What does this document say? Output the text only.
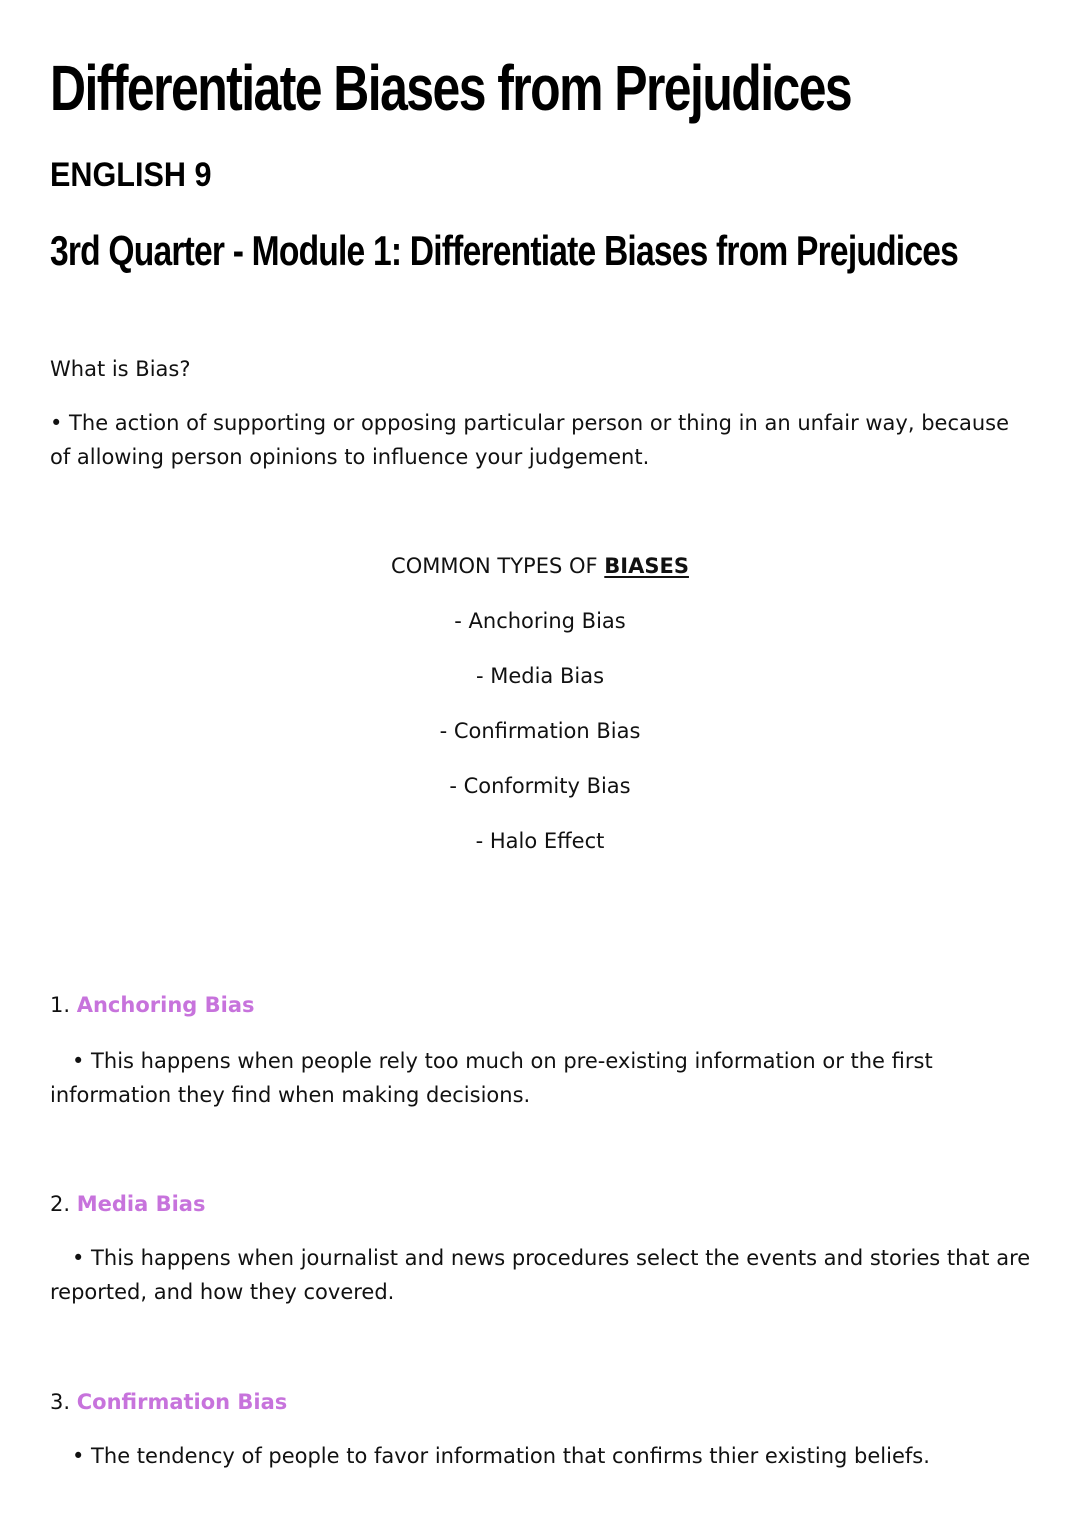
Differentiate Biases from Prejudices
ENGLISH 9
3rd Quarter - Module 1: Differentiate Biases from Prejudices

What is Bias?

• The action of supporting or opposing particular person or thing in an unfair way, because of allowing person opinions to influence your judgement.

COMMON TYPES OF BIASES
- Anchoring Bias
- Media Bias
- Confirmation Bias
- Conformity Bias
- Halo Effect
1. Anchoring Bias

• This happens when people rely too much on pre-existing information or the first information they find when making decisions.

2. Media Bias

• This happens when journalist and news procedures select the events and stories that are reported, and how they covered.

3. Confirmation Bias

• The tendency of people to favor information that confirms thier existing beliefs.
